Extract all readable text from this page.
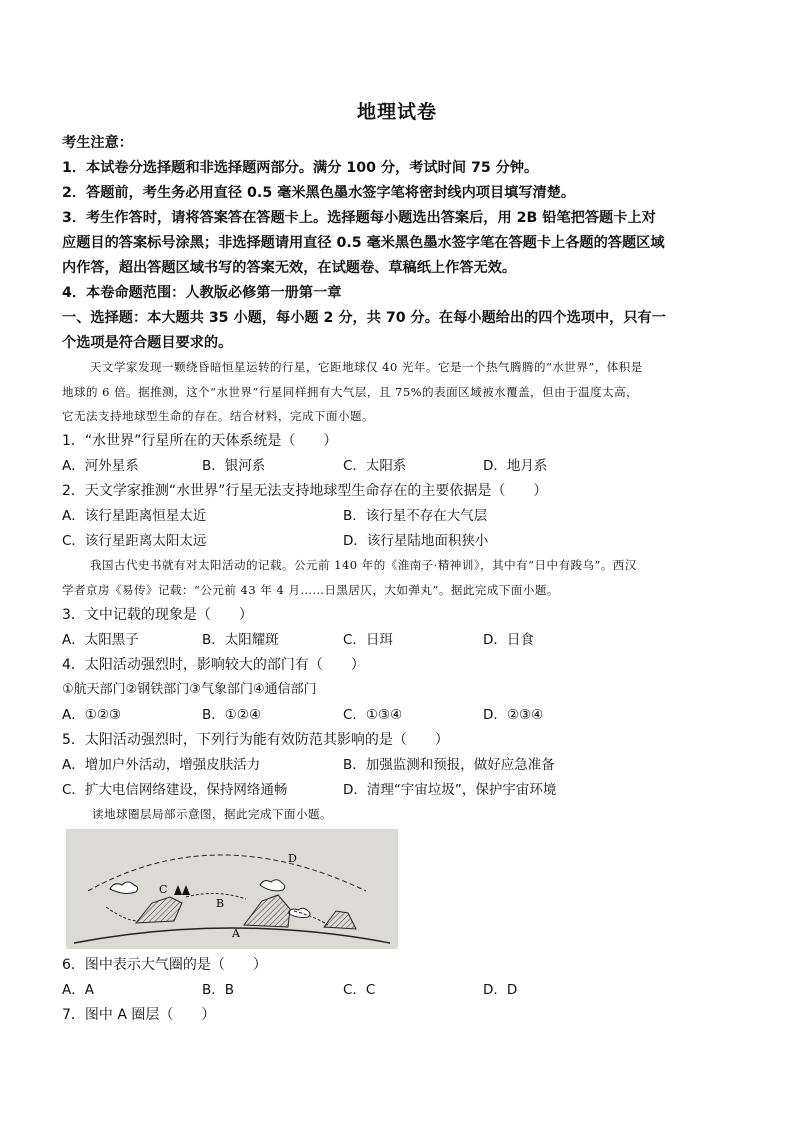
地理试卷
考生注意：
1．本试卷分选择题和非选择题两部分。满分 100 分，考试时间 75 分钟。
2．答题前，考生务必用直径 0.5 毫米黑色墨水签字笔将密封线内项目填写清楚。
3．考生作答时，请将答案答在答题卡上。选择题每小题选出答案后，用 2B 铅笔把答题卡上对
应题目的答案标号涂黑；非选择题请用直径 0.5 毫米黑色墨水签字笔在答题卡上各题的答题区域
内作答，超出答题区域书写的答案无效，在试题卷、草稿纸上作答无效。
4．本卷命题范围：人教版必修第一册第一章
一、选择题：本大题共 35 小题，每小题 2 分，共 70 分。在每小题给出的四个选项中，只有一
个选项是符合题目要求的。
天文学家发现一颗绕昏暗恒星运转的行星，它距地球仅 40 光年。它是一个热气腾腾的“水世界”，体积是
地球的 6 倍。据推测，这个“水世界”行星同样拥有大气层，且 75%的表面区域被水覆盖，但由于温度太高，
它无法支持地球型生命的存在。结合材料，完成下面小题。
1．“水世界”行星所在的天体系统是（　　）
A．河外星系	B．银河系	C．太阳系	D．地月系
2．天文学家推测“水世界”行星无法支持地球型生命存在的主要依据是（　　）
A．该行星距离恒星太近	B．该行星不存在大气层
C．该行星距离太阳太远	D．该行星陆地面积狭小
我国古代史书就有对太阳活动的记载。公元前 140 年的《淮南子·精神训》，其中有“日中有踆乌”。西汉
学者京房《易传》记载：“公元前 43 年 4 月……日黑居仄，大如弹丸”。据此完成下面小题。
3．文中记载的现象是（　　）
A．太阳黑子	B．太阳耀斑	C．日珥	D．日食
4．太阳活动强烈时，影响较大的部门有（　　）
①航天部门②钢铁部门③气象部门④通信部门
A．①②③	B．①②④	C．①③④	D．②③④
5．太阳活动强烈时，下列行为能有效防范其影响的是（　　）
A．增加户外活动，增强皮肤活力	B．加强监测和预报，做好应急准备
C．扩大电信网络建设，保持网络通畅	D．清理“宇宙垃圾”，保护宇宙环境
读地球圈层局部示意图，据此完成下面小题。
D
B
C
A
6．图中表示大气圈的是（　　）
A．A	B．B	C．C	D．D
7．图中 A 圈层（　　）
